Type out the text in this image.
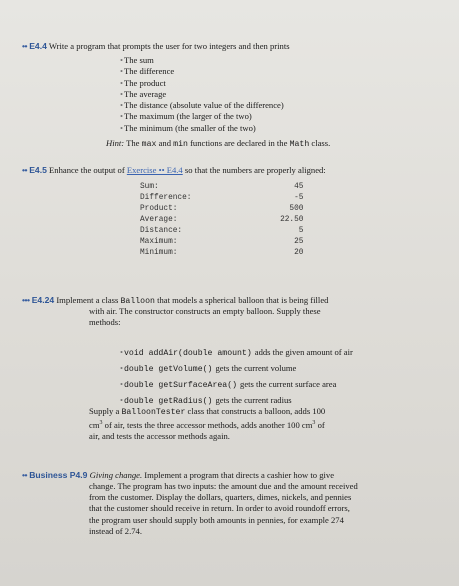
•• E4.4 Write a program that prompts the user for two integers and then prints
•The sum
•The difference
•The product
•The average
•The distance (absolute value of the difference)
•The maximum (the larger of the two)
•The minimum (the smaller of the two)
Hint: The max and min functions are declared in the Math class.
•• E4.5 Enhance the output of Exercise •• E4.4 so that the numbers are properly aligned:
Sum:	45
Difference:	-5
Product:	500
Average:	22.50
Distance:	5
Maximum:	25
Minimum:	20
••• E4.24 Implement a class Balloon that models a spherical balloon that is being filled
with air. The constructor constructs an empty balloon. Supply these
methods:
•void addAir(double amount) adds the given amount of air
•double getVolume() gets the current volume
•double getSurfaceArea() gets the current surface area
•double getRadius() gets the current radius
Supply a BalloonTester class that constructs a balloon, adds 100
$cm^3$ of air, tests the three accessor methods, adds another 100 $cm^3$ of
air, and tests the accessor methods again.
•• Business P4.9 Giving change. Implement a program that directs a cashier how to give
change. The program has two inputs: the amount due and the amount received
from the customer. Display the dollars, quarters, dimes, nickels, and pennies
that the customer should receive in return. In order to avoid roundoff errors,
the program user should supply both amounts in pennies, for example 274
instead of 2.74.
